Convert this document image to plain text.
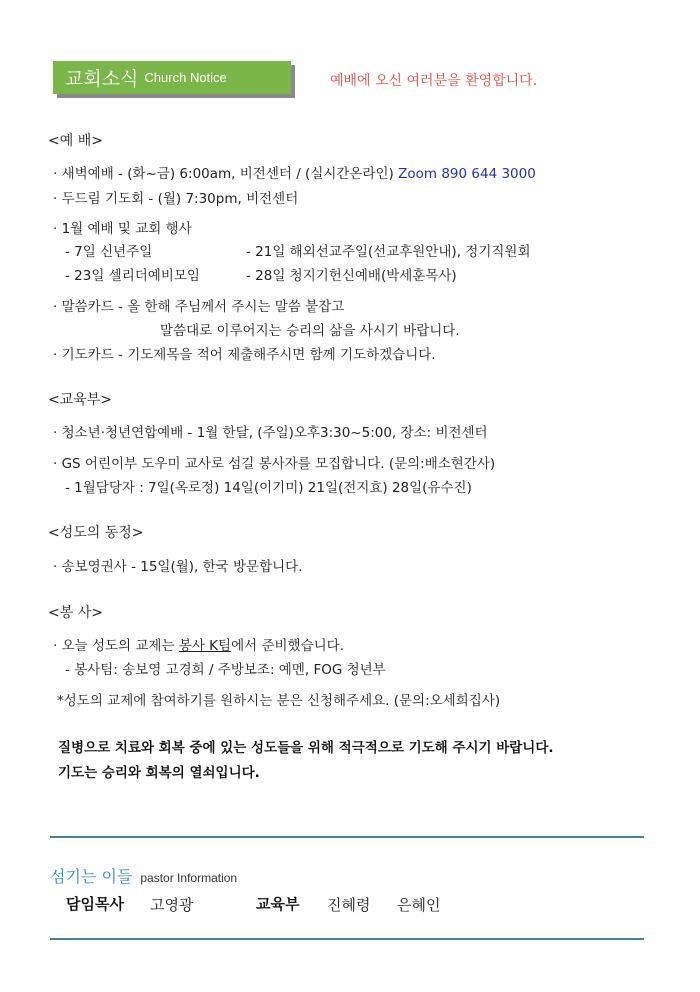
교회소식 Church Notice	예배에 오신 여러분을 환영합니다.
<예 배>
· 새벽예배 - (화~금) 6:00am, 비전센터 / (실시간온라인) Zoom 890 644 3000
· 두드림 기도회 - (월) 7:30pm, 비전센터
· 1월 예배 및 교회 행사
- 7일 신년주일	- 21일 해외선교주일(선교후원안내), 정기직원회
- 23일 셀리더예비모임	- 28일 청지기헌신예배(박세훈목사)
· 말씀카드 - 올 한해 주님께서 주시는 말씀 붙잡고
말씀대로 이루어지는 승리의 삶을 사시기 바랍니다.
· 기도카드 - 기도제목을 적어 제출해주시면 함께 기도하겠습니다.
<교육부>
· 청소년·청년연합예배 - 1월 한달, (주일)오후3:30~5:00, 장소: 비전센터
· GS 어린이부 도우미 교사로 섬길 봉사자를 모집합니다. (문의:배소현간사)
- 1월담당자 : 7일(옥로정) 14일(이기미) 21일(전지효) 28일(유수진)
<성도의 동정>
· 송보영권사 - 15일(월), 한국 방문합니다.
<봉 사>
· 오늘 성도의 교제는 봉사 K팀에서 준비했습니다.
- 봉사팀: 송보영 고경희 / 주방보조: 예멘, FOG 청년부
*성도의 교제에 참여하기를 원하시는 분은 신청해주세요. (문의:오세희집사)
질병으로 치료와 회복 중에 있는 성도들을 위해 적극적으로 기도해 주시기 바랍니다.
기도는 승리와 회복의 열쇠입니다.
섬기는 이들 pastor Information
담임목사 고영광	교육부 진혜령 은혜인
